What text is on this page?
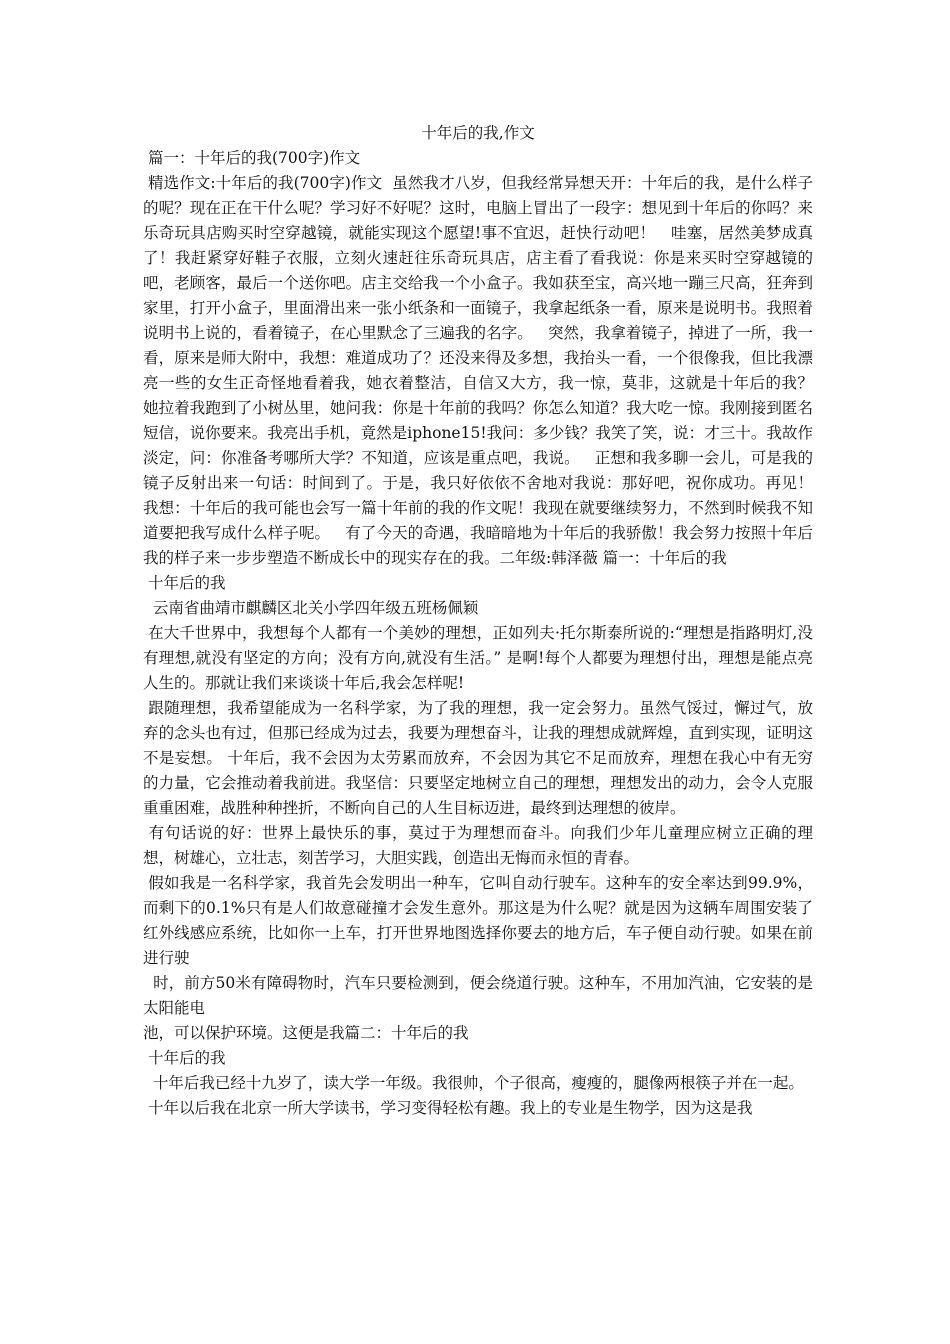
十年后的我,作文

篇一：十年后的我(700字)作文

精选作文:十年后的我(700字)作文  虽然我才八岁，但我经常异想天开：十年后的我，是什么样子的呢？现在正在干什么呢？学习好不好呢？这时，电脑上冒出了一段字：想见到十年后的你吗？来乐奇玩具店购买时空穿越镜，就能实现这个愿望!事不宜迟，赶快行动吧！   哇塞，居然美梦成真了！我赶紧穿好鞋子衣服，立刻火速赶往乐奇玩具店，店主看了看我说：你是来买时空穿越镜的吧，老顾客，最后一个送你吧。店主交给我一个小盒子。我如获至宝，高兴地一蹦三尺高，狂奔到家里，打开小盒子，里面滑出来一张小纸条和一面镜子，我拿起纸条一看，原来是说明书。我照着说明书上说的，看着镜子，在心里默念了三遍我的名字。   突然，我拿着镜子，掉进了一所，我一看，原来是师大附中，我想：难道成功了？还没来得及多想，我抬头一看，一个很像我，但比我漂亮一些的女生正奇怪地看着我，她衣着整洁，自信又大方，我一惊，莫非，这就是十年后的我？   她拉着我跑到了小树丛里，她问我：你是十年前的我吗？你怎么知道？我大吃一惊。我刚接到匿名短信，说你要来。我亮出手机，竟然是iphone15!我问：多少钱？我笑了笑，说：才三十。我故作淡定，问：你准备考哪所大学？不知道，应该是重点吧，我说。   正想和我多聊一会儿，可是我的镜子反射出来一句话：时间到了。于是，我只好依依不舍地对我说：那好吧，祝你成功。再见！   我想：十年后的我可能也会写一篇十年前的我的作文呢！我现在就要继续努力，不然到时候我不知道要把我写成什么样子呢。   有了今天的奇遇，我暗暗地为十年后的我骄傲！我会努力按照十年后我的样子来一步步塑造不断成长中的现实存在的我。二年级:韩泽薇 篇一：十年后的我

十年后的我

云南省曲靖市麒麟区北关小学四年级五班杨佩颖

在大千世界中，我想每个人都有一个美妙的理想，正如列夫·托尔斯泰所说的:“理想是指路明灯,没有理想,就没有坚定的方向；没有方向,就没有生活。” 是啊!每个人都要为理想付出，理想是能点亮人生的。那就让我们来谈谈十年后,我会怎样呢!

跟随理想，我希望能成为一名科学家，为了我的理想，我一定会努力。虽然气馁过，懈过气，放弃的念头也有过，但那已经成为过去，我要为理想奋斗，让我的理想成就辉煌，直到实现，证明这不是妄想。 十年后，我不会因为太劳累而放弃，不会因为其它不足而放弃，理想在我心中有无穷的力量，它会推动着我前进。我坚信：只要坚定地树立自己的理想，理想发出的动力，会令人克服重重困难，战胜种种挫折，不断向自己的人生目标迈进，最终到达理想的彼岸。

有句话说的好：世界上最快乐的事，莫过于为理想而奋斗。向我们少年儿童理应树立正确的理想，树雄心，立壮志，刻苦学习，大胆实践，创造出无悔而永恒的青春。

假如我是一名科学家，我首先会发明出一种车，它叫自动行驶车。这种车的安全率达到99.9%，而剩下的0.1%只有是人们故意碰撞才会发生意外。那这是为什么呢？就是因为这辆车周围安装了红外线感应系统，比如你一上车，打开世界地图选择你要去的地方后，车子便自动行驶。如果在前进行驶

时，前方50米有障碍物时，汽车只要检测到，便会绕道行驶。这种车，不用加汽油，它安装的是太阳能电

池，可以保护环境。这便是我篇二：十年后的我

十年后的我

十年后我已经十九岁了，读大学一年级。我很帅，个子很高，瘦瘦的，腿像两根筷子并在一起。

十年以后我在北京一所大学读书，学习变得轻松有趣。我上的专业是生物学，因为这是我
